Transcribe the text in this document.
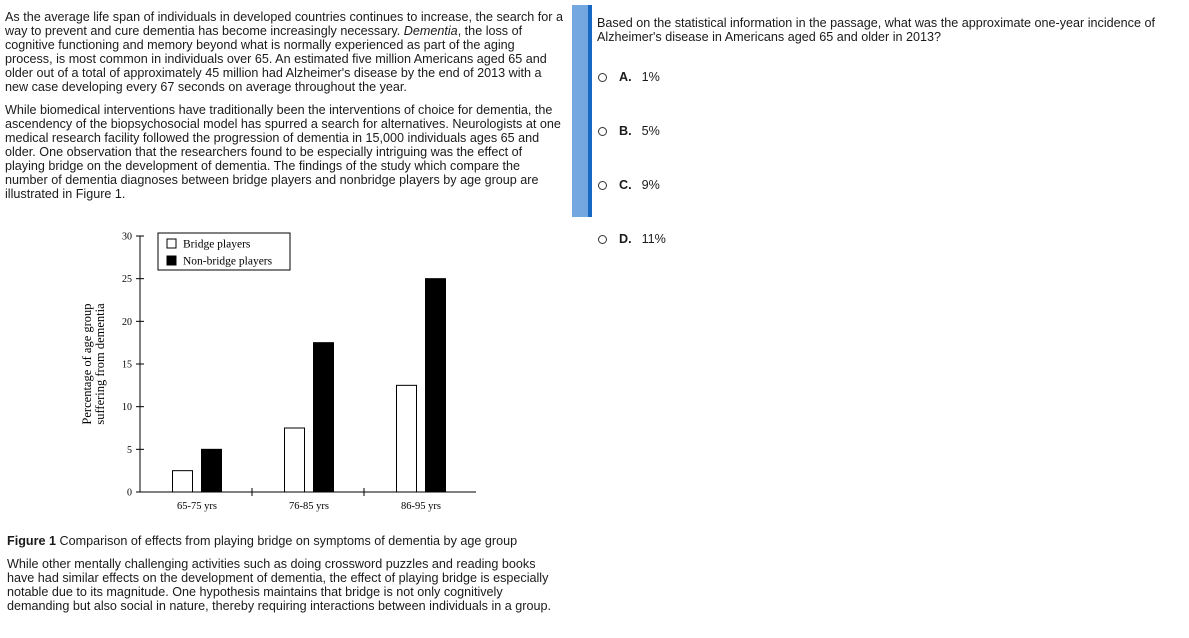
As the average life span of individuals in developed countries continues to increase, the search for a way to prevent and cure dementia has become increasingly necessary. Dementia, the loss of cognitive functioning and memory beyond what is normally experienced as part of the aging process, is most common in individuals over 65. An estimated five million Americans aged 65 and older out of a total of approximately 45 million had Alzheimer's disease by the end of 2013 with a new case developing every 67 seconds on average throughout the year.

While biomedical interventions have traditionally been the interventions of choice for dementia, the ascendency of the biopsychosocial model has spurred a search for alternatives. Neurologists at one medical research facility followed the progression of dementia in 15,000 individuals ages 65 and older. One observation that the researchers found to be especially intriguing was the effect of playing bridge on the development of dementia. The findings of the study which compare the number of dementia diagnoses between bridge players and nonbridge players by age group are illustrated in Figure 1.

Percentage of age group suffering from dementia
0
5
10
15
20
25
30
65-75 yrs	76-85 yrs	86-95 yrs
Bridge players
Non-bridge players
Figure 1 Comparison of effects from playing bridge on symptoms of dementia by age group
While other mentally challenging activities such as doing crossword puzzles and reading books have had similar effects on the development of dementia, the effect of playing bridge is especially notable due to its magnitude. One hypothesis maintains that bridge is not only cognitively demanding but also social in nature, thereby requiring interactions between individuals in a group.
Based on the statistical information in the passage, what was the approximate one-year incidence of Alzheimer's disease in Americans aged 65 and older in 2013?
A. 1%
B. 5%
C. 9%
D. 11%
